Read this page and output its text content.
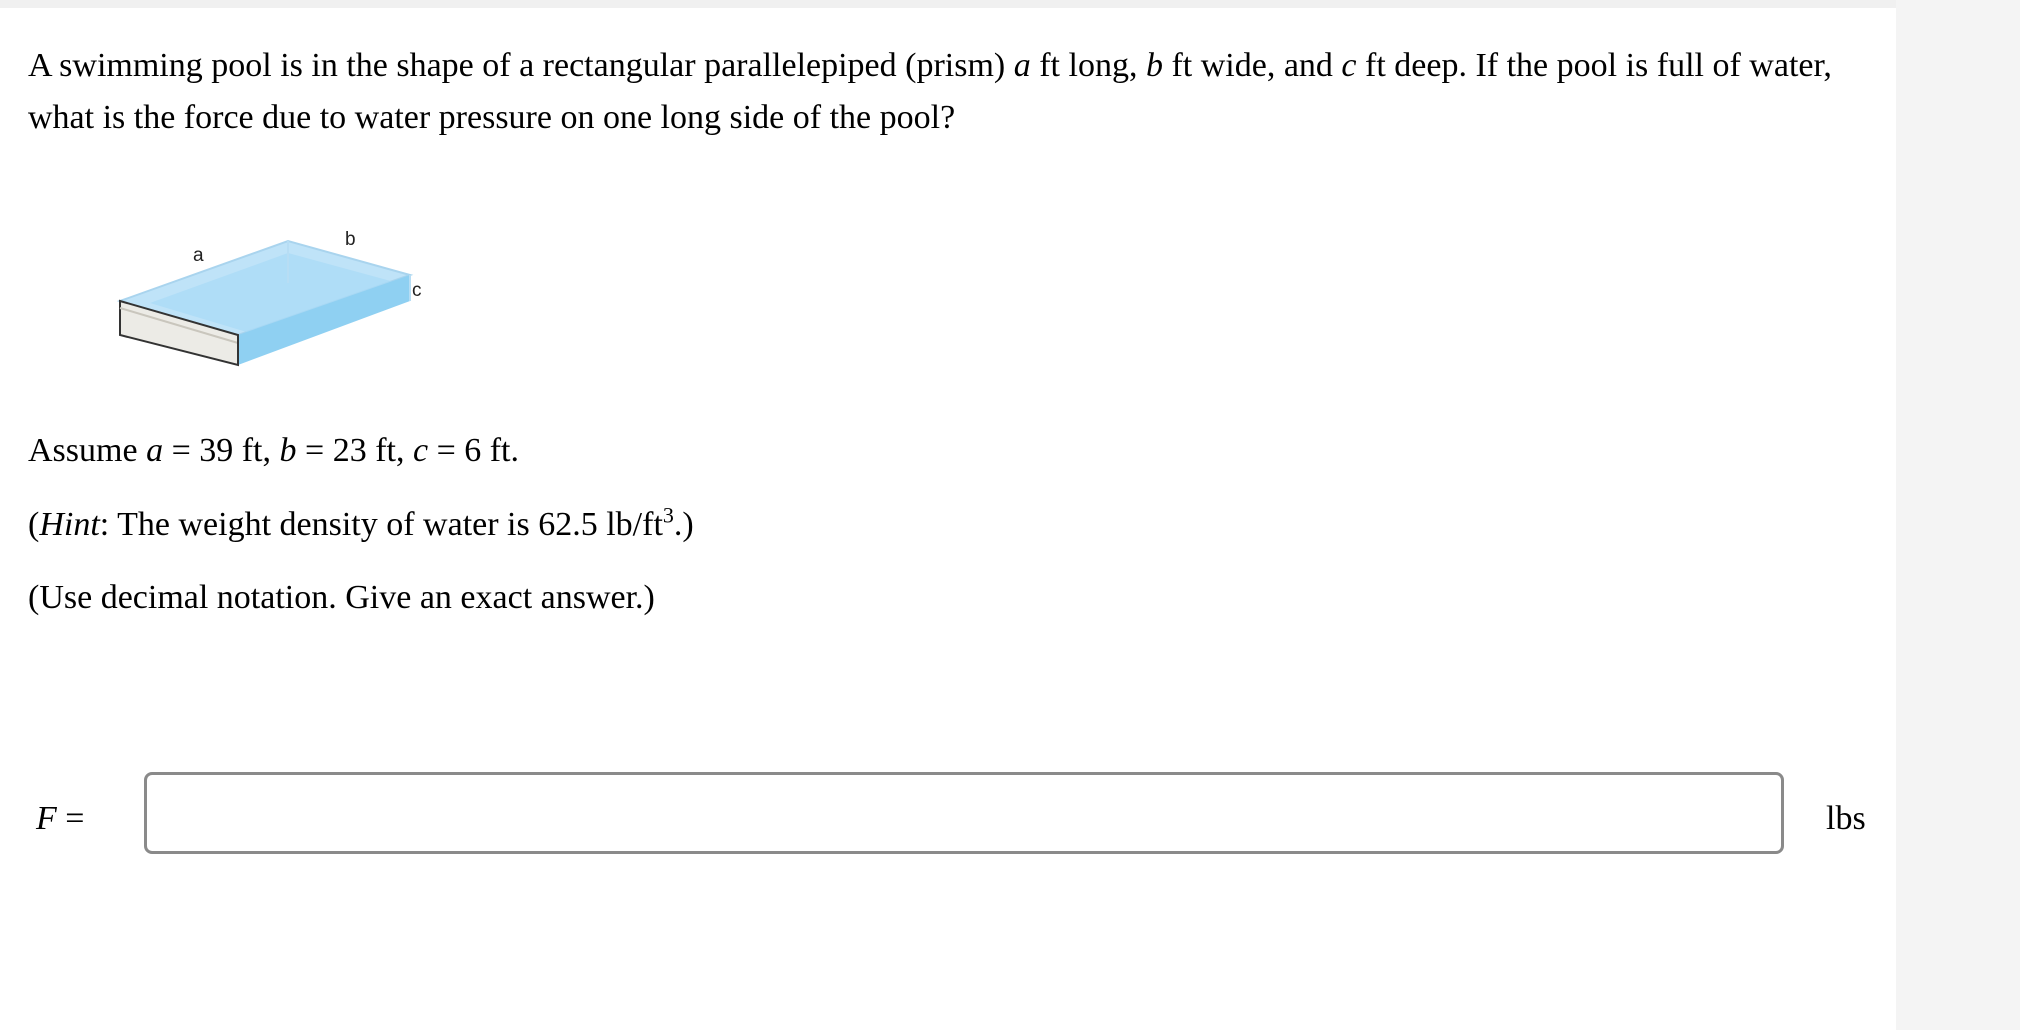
A swimming pool is in the shape of a rectangular parallelepiped (prism) a ft long, b ft wide, and c ft deep. If the pool is full of water, what is the force due to water pressure on one long side of the pool?

a
b
c

Assume a = 39 ft, b = 23 ft, c = 6 ft.

(Hint: The weight density of water is 62.5 $lb/ft^3$.)

(Use decimal notation. Give an exact answer.)

F =	lbs
